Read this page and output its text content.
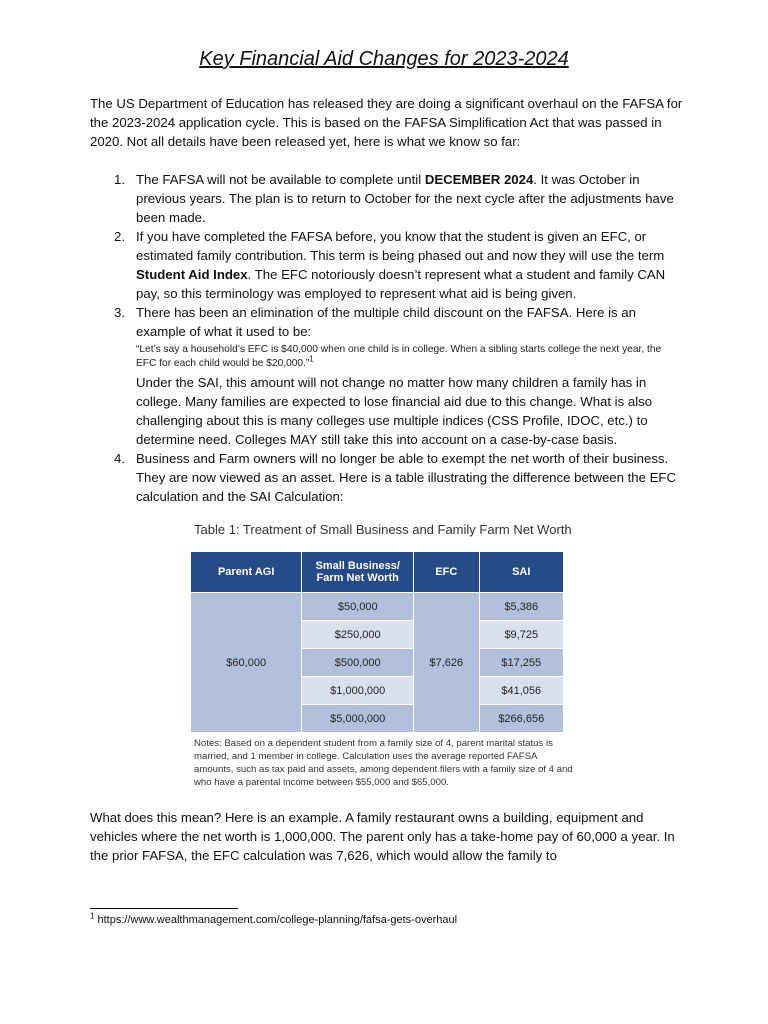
Key Financial Aid Changes for 2023-2024

The US Department of Education has released they are doing a significant overhaul on the FAFSA for the 2023-2024 application cycle. This is based on the FAFSA Simplification Act that was passed in 2020. Not all details have been released yet, here is what we know so far:

1. The FAFSA will not be available to complete until DECEMBER 2024. It was October in previous years. The plan is to return to October for the next cycle after the adjustments have been made.
2. If you have completed the FAFSA before, you know that the student is given an EFC, or estimated family contribution. This term is being phased out and now they will use the term Student Aid Index. The EFC notoriously doesn’t represent what a student and family CAN pay, so this terminology was employed to represent what aid is being given.
3. There has been an elimination of the multiple child discount on the FAFSA. Here is an example of what it used to be:
“Let’s say a household’s EFC is $40,000 when one child is in college. When a sibling starts college the next year, the EFC for each child would be $20,000.”$^1$
Under the SAI, this amount will not change no matter how many children a family has in college. Many families are expected to lose financial aid due to this change. What is also challenging about this is many colleges use multiple indices (CSS Profile, IDOC, etc.) to determine need. Colleges MAY still take this into account on a case-by-case basis.
4. Business and Farm owners will no longer be able to exempt the net worth of their business. They are now viewed as an asset. Here is a table illustrating the difference between the EFC calculation and the SAI Calculation:
Table 1: Treatment of Small Business and Family Farm Net Worth
Parent AGI	Small Business/ Farm Net Worth	EFC	SAI
$60,000	$50,000	$7,626	$5,386
	$250,000		$9,725
	$500,000		$17,255
	$1,000,000		$41,056
	$5,000,000		$266,656
Notes: Based on a dependent student from a family size of 4, parent marital status is married, and 1 member in college. Calculation uses the average reported FAFSA amounts, such as tax paid and assets, among dependent filers with a family size of 4 and who have a parental income between $55,000 and $65,000.

What does this mean? Here is an example. A family restaurant owns a building, equipment and vehicles where the net worth is 1,000,000. The parent only has a take-home pay of 60,000 a year. In the prior FAFSA, the EFC calculation was 7,626, which would allow the family to

$^1$ https://www.wealthmanagement.com/college-planning/fafsa-gets-overhaul
